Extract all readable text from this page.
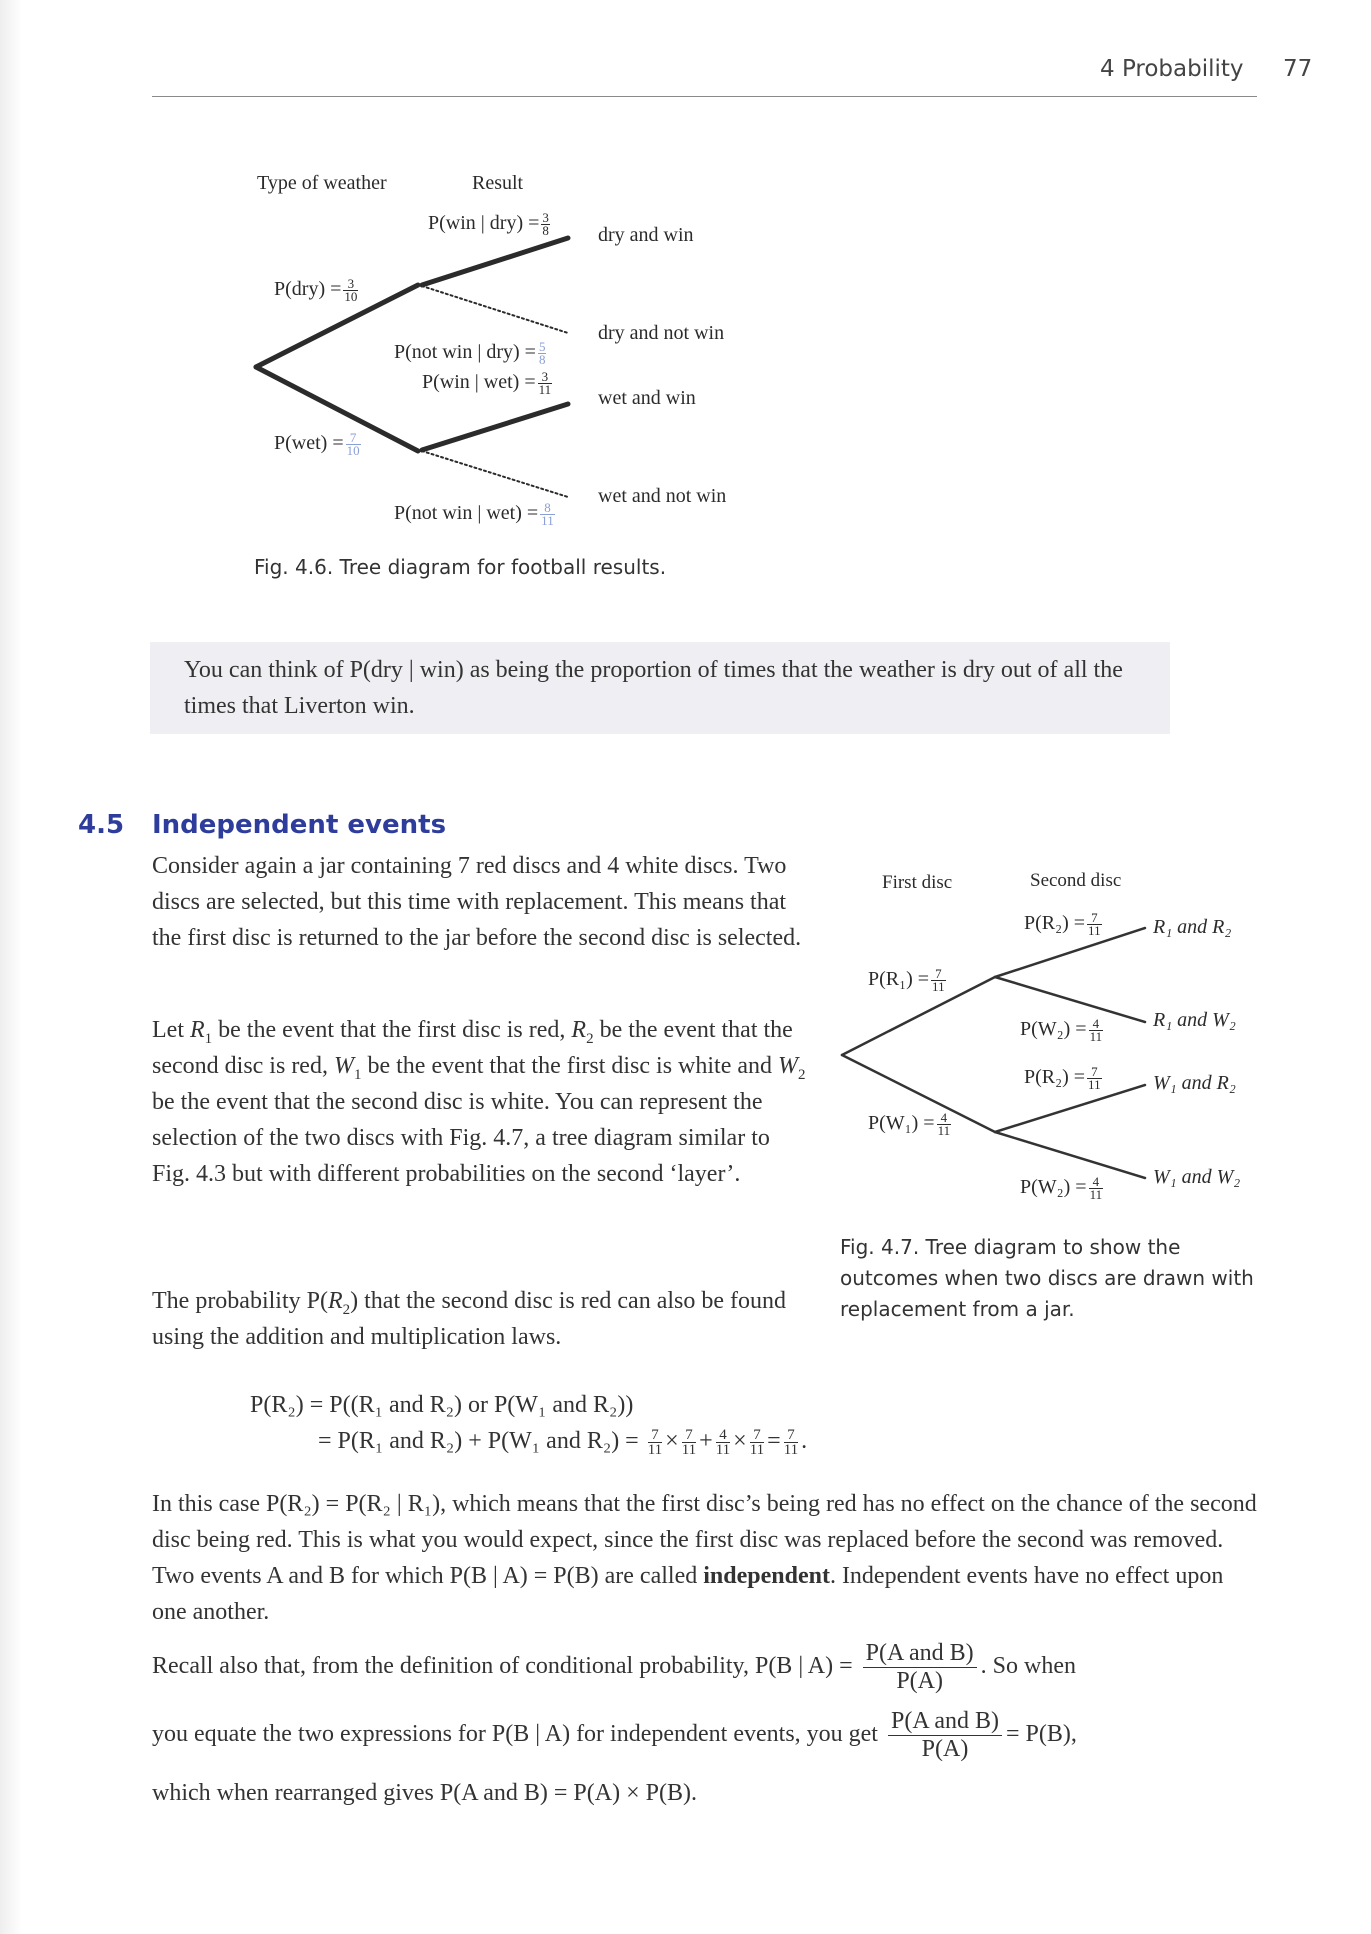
4 Probability 77
Type of weather	Result
$P(dry) = \frac{3}{10}$
$P(wet) = \frac{7}{10}$
P(win | $dry) = \frac{3}{8}$
P(not win | $dry) = \frac{5}{8}$
P(win | $wet) = \frac{3}{11}$
P(not win | $wet) = \frac{8}{11}$
dry and win
dry and not win
wet and win
wet and not win
Fig. 4.6. Tree diagram for football results.
You can think of P(dry | win) as being the proportion of times that the weather is dry out of all the times that Liverton win.
4.5 Independent events
Consider again a jar containing 7 red discs and 4 white discs. Two discs are selected, but this time with replacement. This means that the first disc is returned to the jar before the second disc is selected.
Let $R_1$ be the event that the first disc is red, $R_2$ be the event that the second disc is red, $W_1$ be the event that the first disc is white and $W_2$ be the event that the second disc is white. You can represent the selection of the two discs with Fig. 4.7, a tree diagram similar to Fig. 4.3 but with different probabilities on the second ‘layer’.
The probability $P(R_2)$ that the second disc is red can also be found using the addition and multiplication laws.
P(R₂) = P((R₁ and R₂) or P(W₁ and R₂))
= P(R₁ and R₂) + P(W₁ and $R_2) = \frac{7}{11} \times \frac{7}{11} + \frac{4}{11} \times \frac{7}{11} = \frac{7}{11}$ .
In this case P(R₂) = P(R₂ | R₁), which means that the first disc’s being red has no effect on the chance of the second disc being red. This is what you would expect, since the first disc was replaced before the second was removed. Two events A and B for which P(B | A) = P(B) are called independent. Independent events have no effect upon one another.
Recall also that, from the definition of conditional probability, P(B | $A) = \frac{\text{P(A and B)}}{P(A)}$ . So when
you equate the two expressions for P(B | A) for independent events, you get $\frac{\text{P(A and B)}}{P(A)} = P(B)$,
which when rearranged gives P(A and B) = P(A) × P(B).
First disc	Second disc
$P(R_1) = \frac{7}{11}$
$P(W_1) = \frac{4}{11}$
$P(R_2) = \frac{7}{11}$
$P(W_2) = \frac{4}{11}$
$P(R_2) = \frac{7}{11}$
$P(W_2) = \frac{4}{11}$
R₁ and R₂
R₁ and W₂
W₁ and R₂
W₁ and W₂
Fig. 4.7. Tree diagram to show the outcomes when two discs are drawn with replacement from a jar.
